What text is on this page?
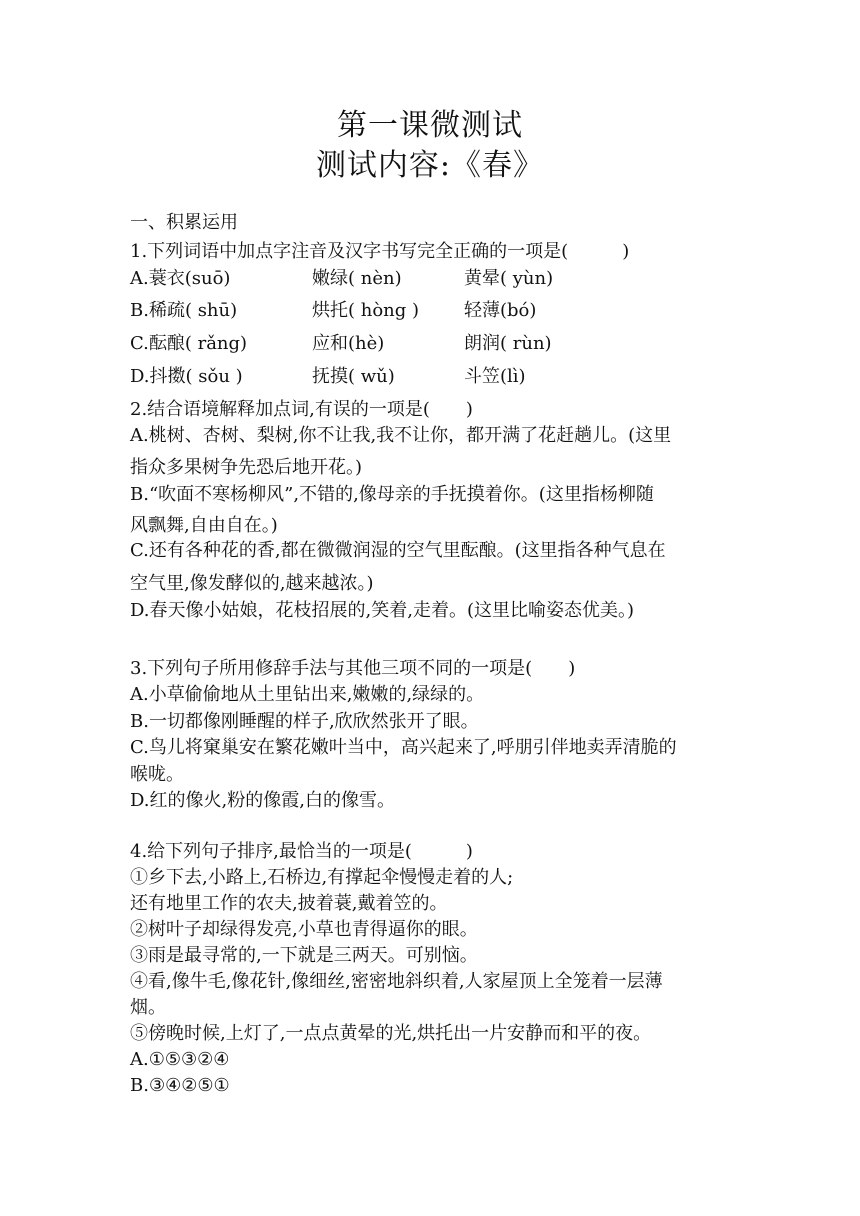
第一课微测试
测试内容:《春》
一、积累运用
1.下列词语中加点字注音及汉字书写完全正确的一项是(　　　)
A.蓑衣(suō)	嫩绿( nèn)	黄晕( yùn)
B.稀疏( shū)	烘托( hòng ) 轻薄(bó)
C.酝酿( rǎng)	应和(hè)	朗润( rùn)
D.抖擞( sǒu )	抚摸( wǔ)	斗笠(lì)
2.结合语境解释加点词,有误的一项是(　　)
A.桃树、杏树、梨树,你不让我,我不让你，都开满了花赶趟儿。(这里
指众多果树争先恐后地开花。)
B.“吹面不寒杨柳风”,不错的,像母亲的手抚摸着你。(这里指杨柳随
风飘舞,自由自在。)
C.还有各种花的香,都在微微润湿的空气里酝酿。(这里指各种气息在
空气里,像发酵似的,越来越浓。)
D.春天像小姑娘，花枝招展的,笑着,走着。(这里比喻姿态优美。)
3.下列句子所用修辞手法与其他三项不同的一项是(　　)
A.小草偷偷地从土里钻出来,嫩嫩的,绿绿的。
B.一切都像刚睡醒的样子,欣欣然张开了眼。
C.鸟儿将窠巢安在繁花嫩叶当中，高兴起来了,呼朋引伴地卖弄清脆的
喉咙。
D.红的像火,粉的像霞,白的像雪。
4.给下列句子排序,最恰当的一项是(　　　)
①乡下去,小路上,石桥边,有撑起伞慢慢走着的人;
还有地里工作的农夫,披着蓑,戴着笠的。
②树叶子却绿得发亮,小草也青得逼你的眼。
③雨是最寻常的,一下就是三两天。可别恼。
④看,像牛毛,像花针,像细丝,密密地斜织着,人家屋顶上全笼着一层薄
烟。
⑤傍晚时候,上灯了,一点点黄晕的光,烘托出一片安静而和平的夜。
A.①⑤③②④
B.③④②⑤①
